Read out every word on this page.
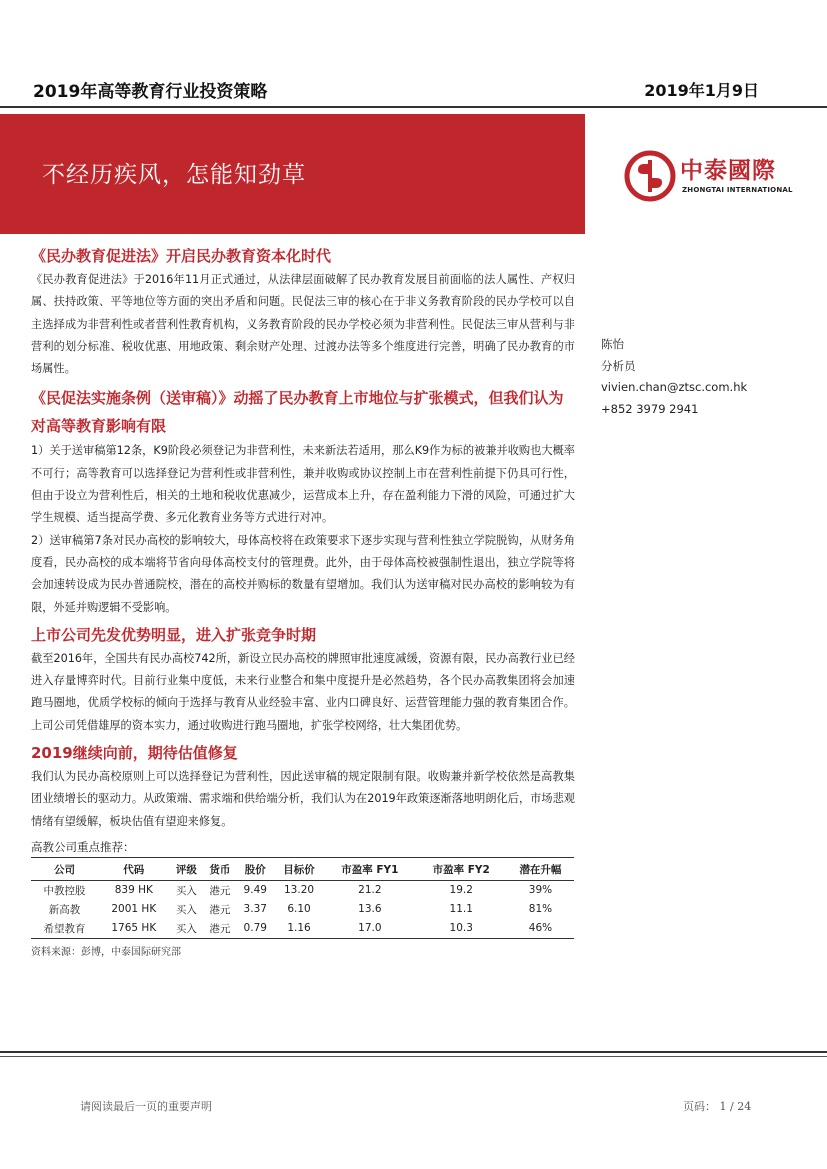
2019年高等教育行业投资策略	2019年1月9日
不经历疾风，怎能知劲草	中泰國際
ZHONGTAI INTERNATIONAL
陈怡
分析员
vivien.chan@ztsc.com.hk
+852 3979 2941
《民办教育促进法》开启民办教育资本化时代

《民办教育促进法》于2016年11月正式通过，从法律层面破解了民办教育发展目前面临的法人属性、产权归属、扶持政策、平等地位等方面的突出矛盾和问题。民促法三审的核心在于非义务教育阶段的民办学校可以自主选择成为非营利性或者营利性教育机构，义务教育阶段的民办学校必须为非营利性。民促法三审从营利与非营利的划分标准、税收优惠、用地政策、剩余财产处理、过渡办法等多个维度进行完善，明确了民办教育的市场属性。

《民促法实施条例（送审稿）》动摇了民办教育上市地位与扩张模式，但我们认为对高等教育影响有限

1）关于送审稿第12条，K9阶段必须登记为非营利性，未来新法若适用，那么K9作为标的被兼并收购也大概率不可行；高等教育可以选择登记为营利性或非营利性，兼并收购或协议控制上市在营利性前提下仍具可行性，但由于设立为营利性后，相关的土地和税收优惠减少，运营成本上升，存在盈利能力下滑的风险，可通过扩大学生规模、适当提高学费、多元化教育业务等方式进行对冲。

2）送审稿第7条对民办高校的影响较大，母体高校将在政策要求下逐步实现与营利性独立学院脱钩，从财务角度看，民办高校的成本端将节省向母体高校支付的管理费。此外，由于母体高校被强制性退出，独立学院等将会加速转设成为民办普通院校，潜在的高校并购标的数量有望增加。我们认为送审稿对民办高校的影响较为有限，外延并购逻辑不受影响。

上市公司先发优势明显，进入扩张竞争时期

截至2016年，全国共有民办高校742所，新设立民办高校的牌照审批速度减缓，资源有限，民办高教行业已经进入存量博弈时代。目前行业集中度低，未来行业整合和集中度提升是必然趋势，各个民办高教集团将会加速跑马圈地，优质学校标的倾向于选择与教育从业经验丰富、业内口碑良好、运营管理能力强的教育集团合作。上司公司凭借雄厚的资本实力，通过收购进行跑马圈地，扩张学校网络，壮大集团优势。

2019继续向前，期待估值修复

我们认为民办高校原则上可以选择登记为营利性，因此送审稿的规定限制有限。收购兼并新学校依然是高教集团业绩增长的驱动力。从政策端、需求端和供给端分析，我们认为在2019年政策逐渐落地明朗化后，市场悲观情绪有望缓解，板块估值有望迎来修复。

高教公司重点推荐：
公司	代码	评级	货币	股价	目标价	市盈率 FY1	市盈率 FY2	潜在升幅
中教控股	839 HK	买入	港元	9.49	13.20	21.2	19.2	39%
新高教	2001 HK	买入	港元	3.37	6.10	13.6	11.1	81%
希望教育	1765 HK	买入	港元	0.79	1.16	17.0	10.3	46%
资料来源：彭博，中泰国际研究部
请阅读最后一页的重要声明	页码： 1 / 24
